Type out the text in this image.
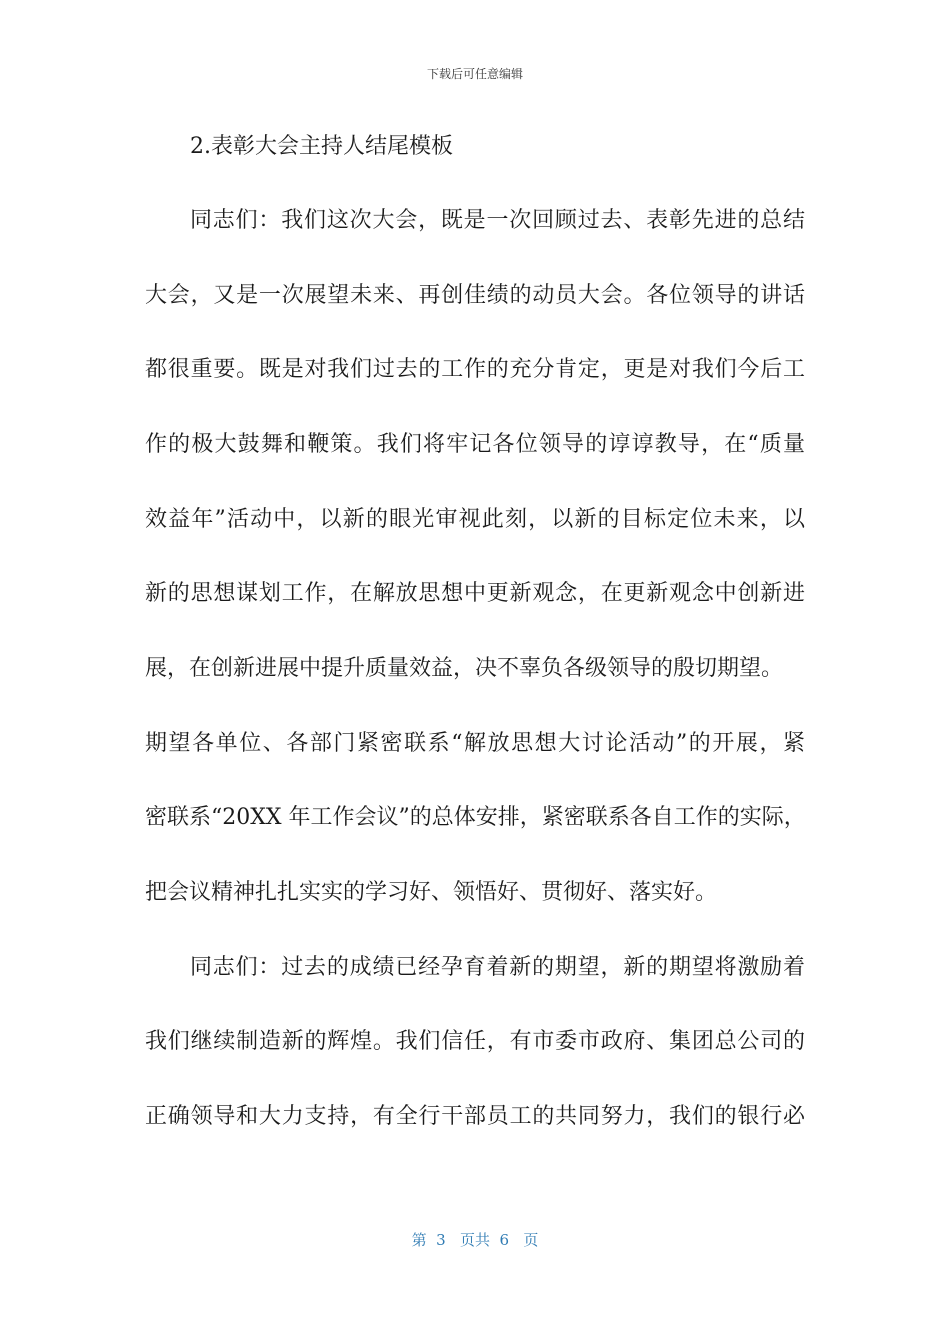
下载后可任意编辑
2.表彰大会主持人结尾模板
同志们：我们这次大会，既是一次回顾过去、表彰先进的总结
大会，又是一次展望未来、再创佳绩的动员大会。各位领导的讲话
都很重要。既是对我们过去的工作的充分肯定，更是对我们今后工
作的极大鼓舞和鞭策。我们将牢记各位领导的谆谆教导，在“质量
效益年”活动中，以新的眼光审视此刻，以新的目标定位未来，以
新的思想谋划工作，在解放思想中更新观念，在更新观念中创新进
展，在创新进展中提升质量效益，决不辜负各级领导的殷切期望。
期望各单位、各部门紧密联系“解放思想大讨论活动”的开展，紧
密联系“20XX 年工作会议”的总体安排，紧密联系各自工作的实际，
把会议精神扎扎实实的学习好、领悟好、贯彻好、落实好。
同志们：过去的成绩已经孕育着新的期望，新的期望将激励着
我们继续制造新的辉煌。我们信任，有市委市政府、集团总公司的
正确领导和大力支持，有全行干部员工的共同努力，我们的银行必
第  3   页共  6   页
